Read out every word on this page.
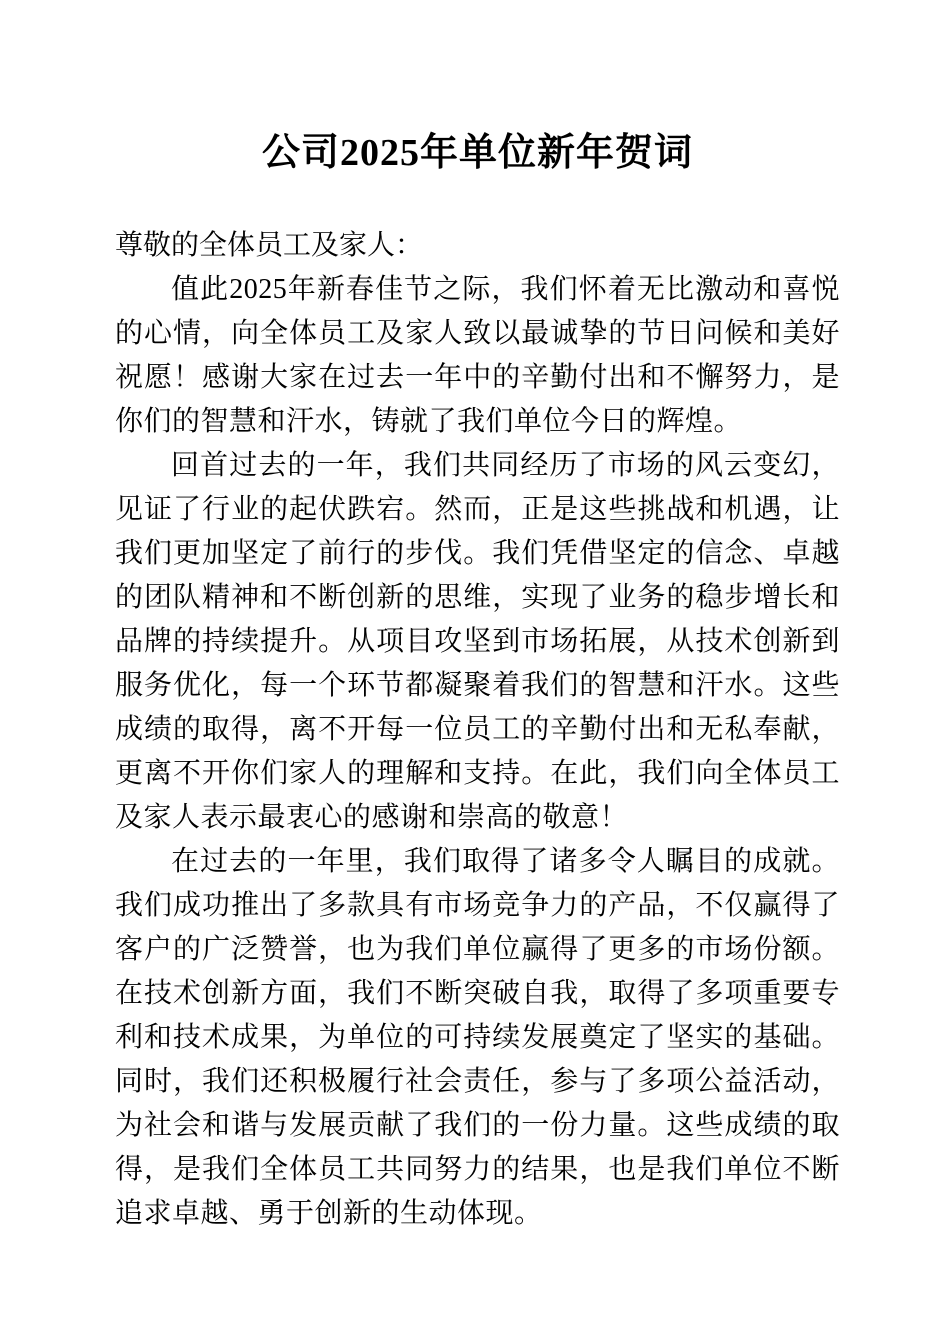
公司2025年单位新年贺词

尊敬的全体员工及家人：

值此2025年新春佳节之际，我们怀着无比激动和喜悦的心情，向全体员工及家人致以最诚挚的节日问候和美好祝愿！感谢大家在过去一年中的辛勤付出和不懈努力，是你们的智慧和汗水，铸就了我们单位今日的辉煌。

回首过去的一年，我们共同经历了市场的风云变幻，见证了行业的起伏跌宕。然而，正是这些挑战和机遇，让我们更加坚定了前行的步伐。我们凭借坚定的信念、卓越的团队精神和不断创新的思维，实现了业务的稳步增长和品牌的持续提升。从项目攻坚到市场拓展，从技术创新到服务优化，每一个环节都凝聚着我们的智慧和汗水。这些成绩的取得，离不开每一位员工的辛勤付出和无私奉献，更离不开你们家人的理解和支持。在此，我们向全体员工及家人表示最衷心的感谢和崇高的敬意！

在过去的一年里，我们取得了诸多令人瞩目的成就。我们成功推出了多款具有市场竞争力的产品，不仅赢得了客户的广泛赞誉，也为我们单位赢得了更多的市场份额。在技术创新方面，我们不断突破自我，取得了多项重要专利和技术成果，为单位的可持续发展奠定了坚实的基础。同时，我们还积极履行社会责任，参与了多项公益活动，为社会和谐与发展贡献了我们的一份力量。这些成绩的取得，是我们全体员工共同努力的结果，也是我们单位不断追求卓越、勇于创新的生动体现。
